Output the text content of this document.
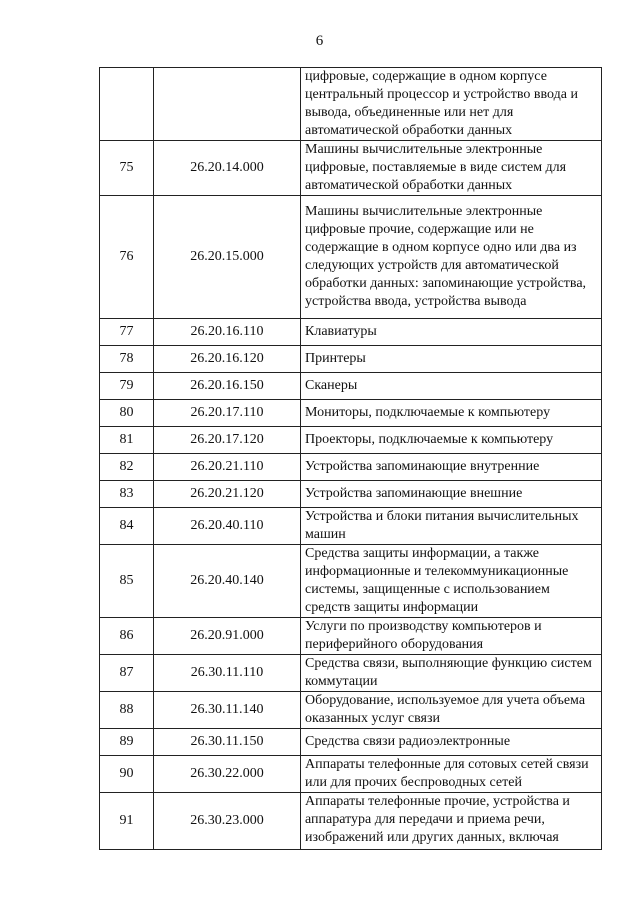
6
		цифровые, содержащие в одном корпусе центральный процессор и устройство ввода и вывода, объединенные или нет для автоматической обработки данных
75	26.20.14.000	Машины вычислительные электронные цифровые, поставляемые в виде систем для автоматической обработки данных
76	26.20.15.000	Машины вычислительные электронные цифровые прочие, содержащие или не содержащие в одном корпусе одно или два из следующих устройств для автоматической обработки данных: запоминающие устройства, устройства ввода, устройства вывода
77	26.20.16.110	Клавиатуры
78	26.20.16.120	Принтеры
79	26.20.16.150	Сканеры
80	26.20.17.110	Мониторы, подключаемые к компьютеру
81	26.20.17.120	Проекторы, подключаемые к компьютеру
82	26.20.21.110	Устройства запоминающие внутренние
83	26.20.21.120	Устройства запоминающие внешние
84	26.20.40.110	Устройства и блоки питания вычислительных машин
85	26.20.40.140	Средства защиты информации, а также информационные и телекоммуникационные системы, защищенные с использованием средств защиты информации
86	26.20.91.000	Услуги по производству компьютеров и периферийного оборудования
87	26.30.11.110	Средства связи, выполняющие функцию систем коммутации
88	26.30.11.140	Оборудование, используемое для учета объема оказанных услуг связи
89	26.30.11.150	Средства связи радиоэлектронные
90	26.30.22.000	Аппараты телефонные для сотовых сетей связи или для прочих беспроводных сетей
91	26.30.23.000	Аппараты телефонные прочие, устройства и аппаратура для передачи и приема речи, изображений или других данных, включая
